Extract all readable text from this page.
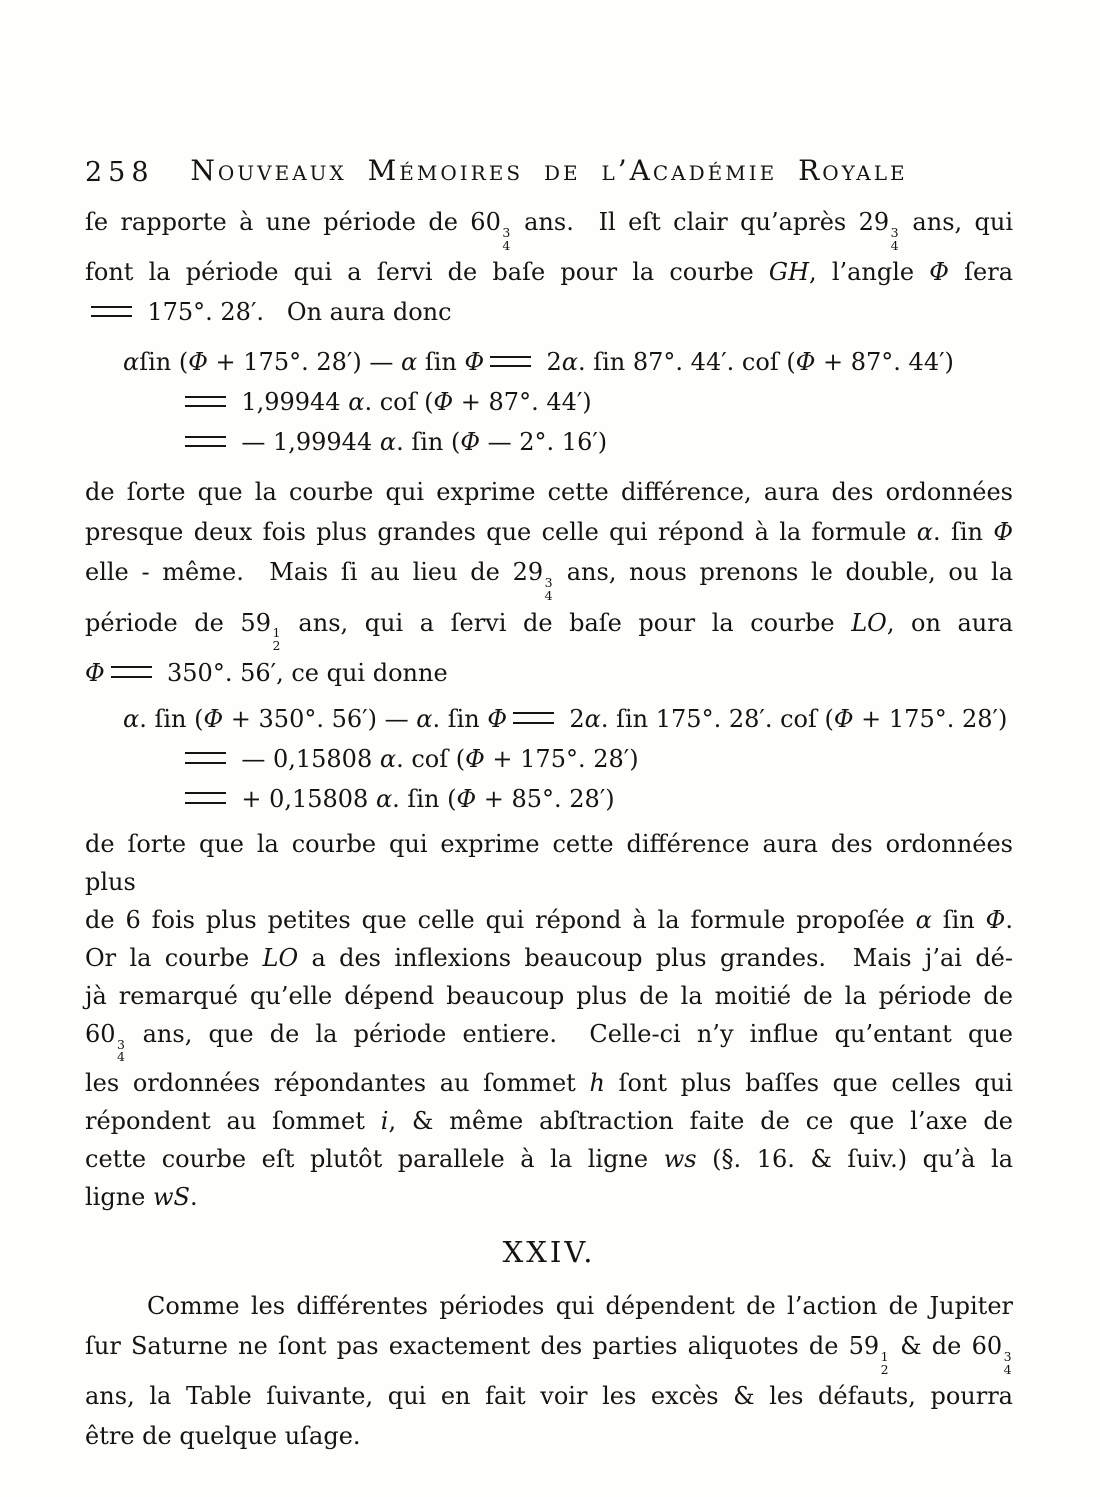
258	Nouveaux Mémoires de l’Académie Royale
ſe rapporte à une période de 60 3
4
ans.  Il eſt clair qu’après 29 3
4
ans, qui
font la période qui a ſervi de baſe pour la courbe GH, l’angle Φ ſera
175°. 28′.   On aura donc
αſin (Φ + 175°. 28′) — α ſin Φ 2α. ſin 87°. 44′. coſ (Φ + 87°. 44′)
1,99944 α. coſ (Φ + 87°. 44′)
— 1,99944 α. ſin (Φ — 2°. 16′)
de ſorte que la courbe qui exprime cette différence, aura des ordonnées
presque deux fois plus grandes que celle qui répond à la formule α. ſin Φ
elle - même.  Mais ſi au lieu de 29 3
4
ans, nous prenons le double, ou la
période de 59 1
2
ans, qui a ſervi de baſe pour la courbe LO, on aura
Φ 350°. 56′, ce qui donne
α. ſin (Φ + 350°. 56′) — α. ſin Φ 2α. ſin 175°. 28′. coſ (Φ + 175°. 28′)
— 0,15808 α. coſ (Φ + 175°. 28′)
+ 0,15808 α. ſin (Φ + 85°. 28′)
de ſorte que la courbe qui exprime cette différence aura des ordonnées plus
de 6 fois plus petites que celle qui répond à la formule propoſée α ſin Φ.
Or la courbe LO a des inflexions beaucoup plus grandes.  Mais j’ai dé-
jà remarqué qu’elle dépend beaucoup plus de la moitié de la période de
60 3
4
ans, que de la période entiere.  Celle-ci n’y influe qu’entant que
les ordonnées répondantes au ſommet h ſont plus baſſes que celles qui
répondent au ſommet i, & même abſtraction faite de ce que l’axe de
cette courbe eſt plutôt parallele à la ligne ws (§. 16. & ſuiv.) qu’à la
ligne wS.
XXIV.
Comme les différentes périodes qui dépendent de l’action de Jupiter
ſur Saturne ne ſont pas exactement des parties aliquotes de 59 1
2
& de 60 3
4
ans, la Table ſuivante, qui en fait voir les excès & les défauts, pourra
être de quelque uſage.
